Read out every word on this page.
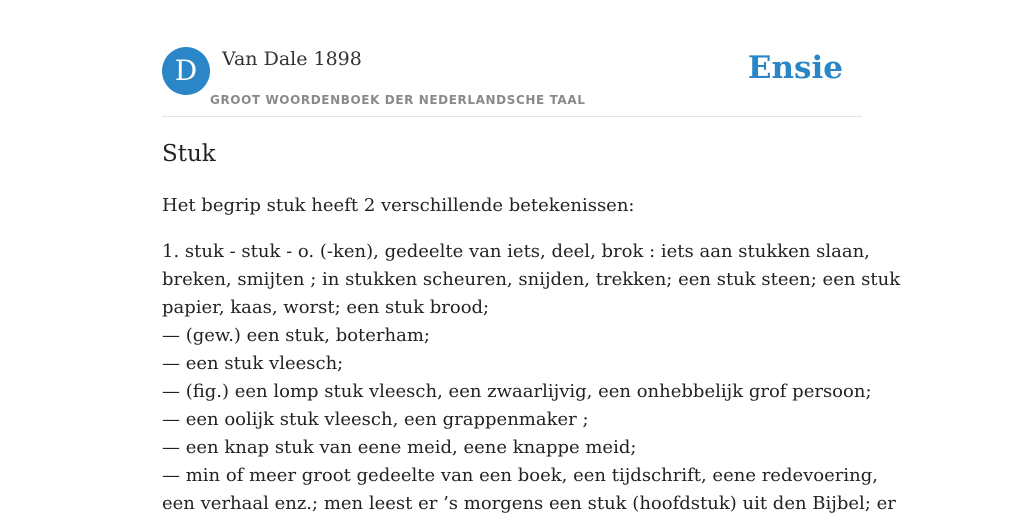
D	Van Dale 1898
GROOT WOORDENBOEK DER NEDERLANDSCHE TAAL
Ensie
Stuk

Het begrip stuk heeft 2 verschillende betekenissen:

1. stuk - stuk - o. (-ken), gedeelte van iets, deel, brok : iets aan stukken slaan,
breken, smijten ; in stukken scheuren, snijden, trekken; een stuk steen; een stuk
papier, kaas, worst; een stuk brood;
— (gew.) een stuk, boterham;
— een stuk vleesch;
— (fig.) een lomp stuk vleesch, een zwaarlijvig, een onhebbelijk grof persoon;
— een oolijk stuk vleesch, een grappenmaker ;
— een knap stuk van eene meid, eene knappe meid;
— min of meer groot gedeelte van een boek, een tijdschrift, eene redevoering,
een verhaal enz.; men leest er ’s morgens een stuk (hoofdstuk) uit den Bijbel; er
